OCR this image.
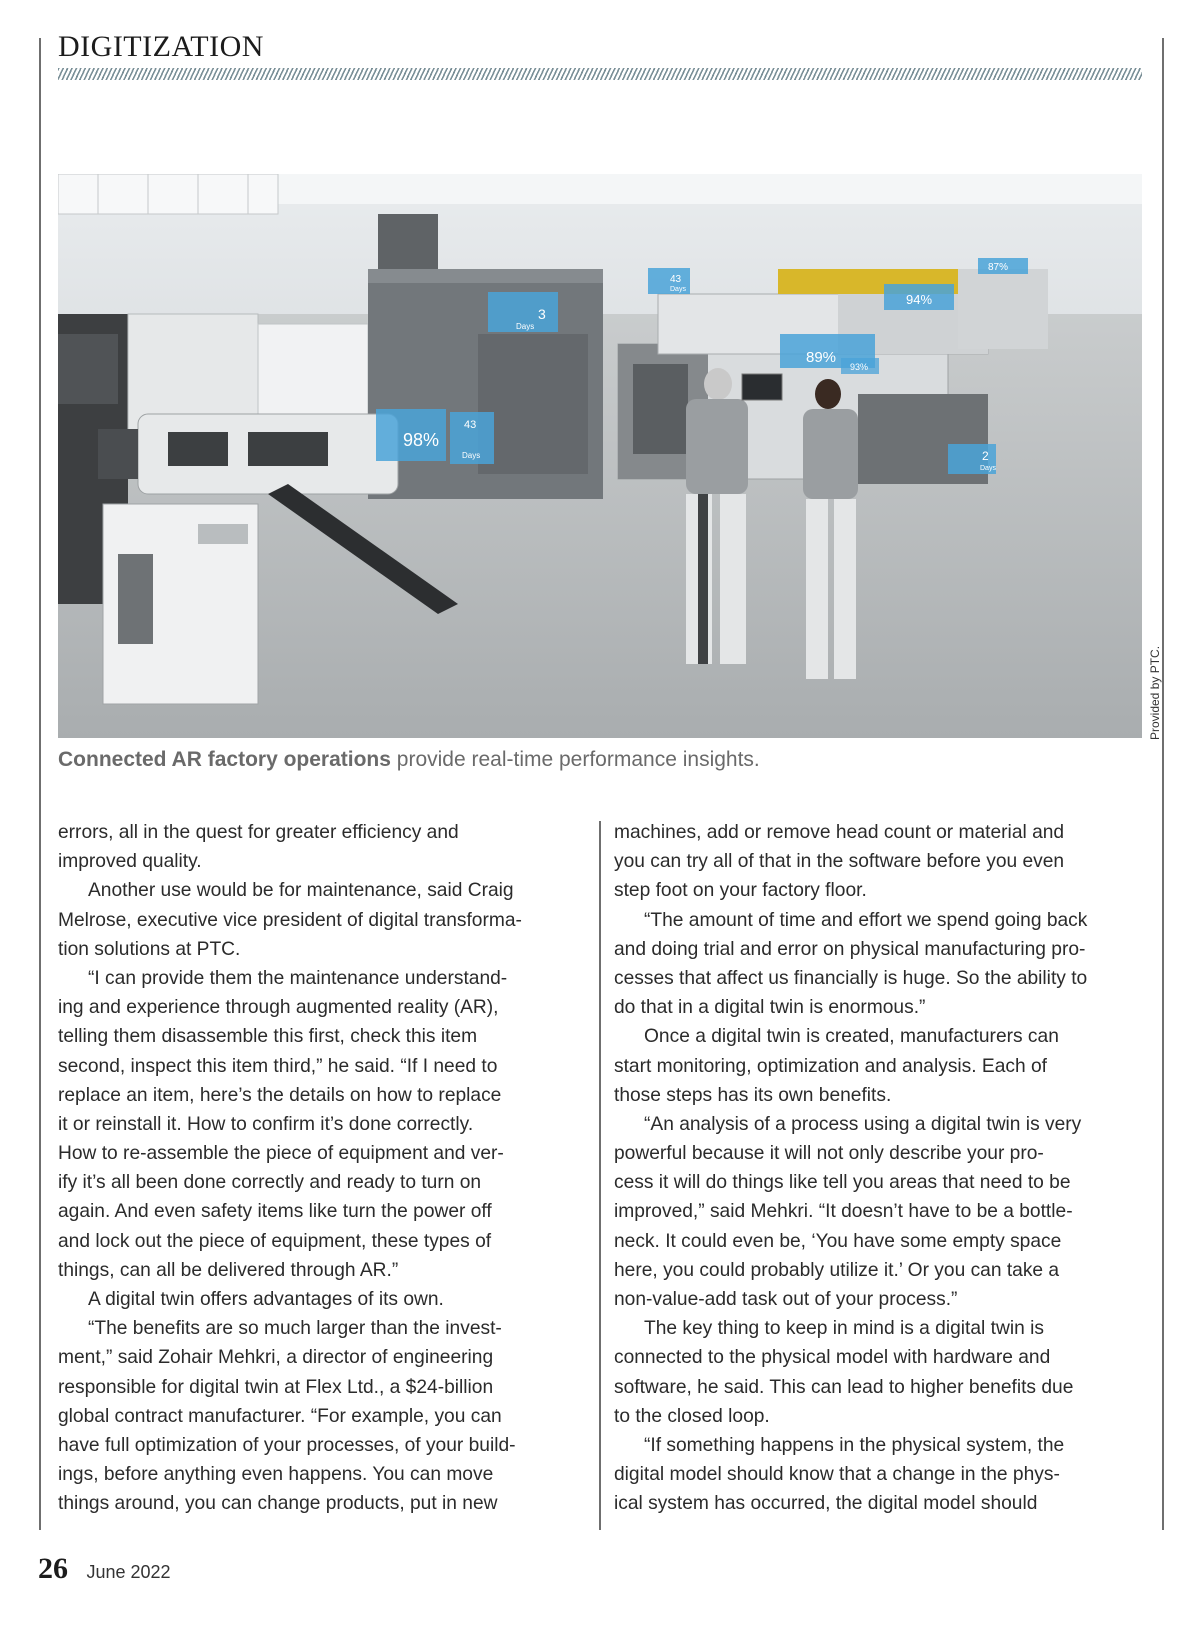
DIGITIZATION
3
Days
43
Days
94%
87%
89%
93%
98%
43
Days	2
Days
Provided by PTC.
Connected AR factory operations provide real-time performance insights.
errors, all in the quest for greater efficiency and
improved quality.
Another use would be for maintenance, said Craig
Melrose, executive vice president of digital transforma-
tion solutions at PTC.
“I can provide them the maintenance understand-
ing and experience through augmented reality (AR),
telling them disassemble this first, check this item
second, inspect this item third,” he said. “If I need to
replace an item, here’s the details on how to replace
it or reinstall it. How to confirm it’s done correctly.
How to re-assemble the piece of equipment and ver-
ify it’s all been done correctly and ready to turn on
again. And even safety items like turn the power off
and lock out the piece of equipment, these types of
things, can all be delivered through AR.”
A digital twin offers advantages of its own.
“The benefits are so much larger than the invest-
ment,” said Zohair Mehkri, a director of engineering
responsible for digital twin at Flex Ltd., a $24-billion
global contract manufacturer. “For example, you can
have full optimization of your processes, of your build-
ings, before anything even happens. You can move
things around, you can change products, put in new
machines, add or remove head count or material and
you can try all of that in the software before you even
step foot on your factory floor.
“The amount of time and effort we spend going back
and doing trial and error on physical manufacturing pro-
cesses that affect us financially is huge. So the ability to
do that in a digital twin is enormous.”
Once a digital twin is created, manufacturers can
start monitoring, optimization and analysis. Each of
those steps has its own benefits.
“An analysis of a process using a digital twin is very
powerful because it will not only describe your pro-
cess it will do things like tell you areas that need to be
improved,” said Mehkri. “It doesn’t have to be a bottle-
neck. It could even be, ‘You have some empty space
here, you could probably utilize it.’ Or you can take a
non-value-add task out of your process.”
The key thing to keep in mind is a digital twin is
connected to the physical model with hardware and
software, he said. This can lead to higher benefits due
to the closed loop.
“If something happens in the physical system, the
digital model should know that a change in the phys-
ical system has occurred, the digital model should
26 June 2022
